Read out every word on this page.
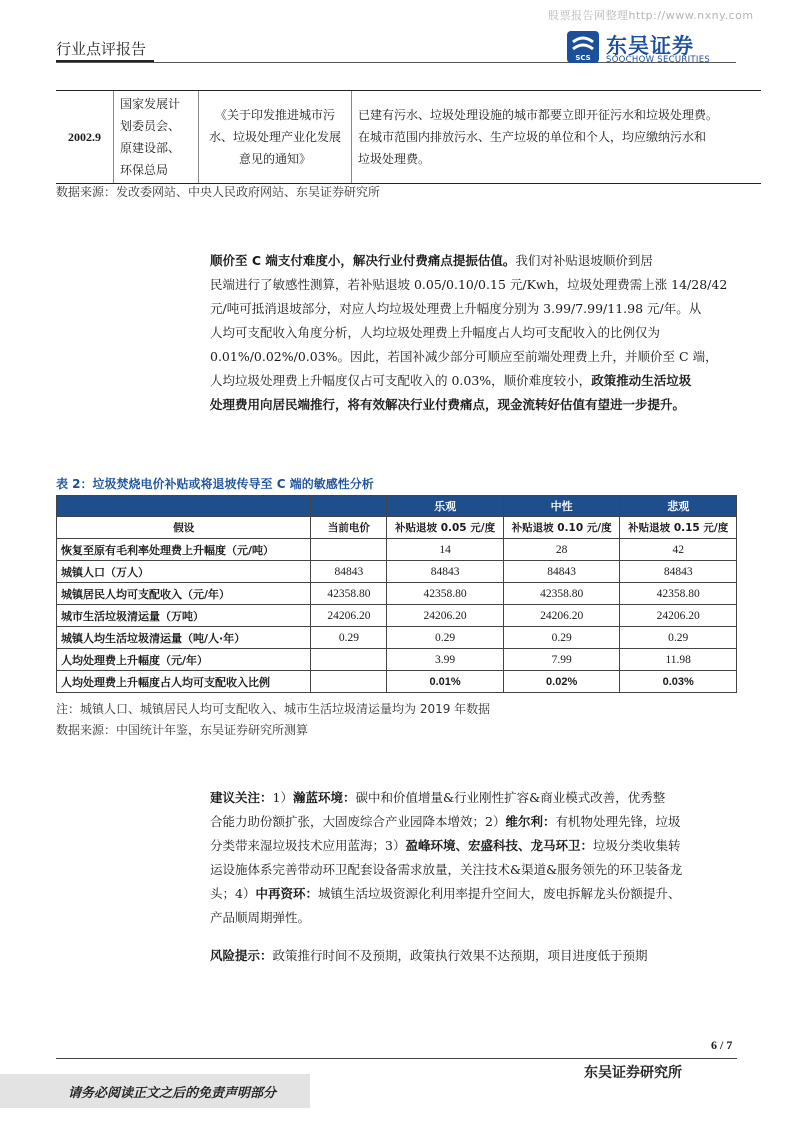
股票报告网整理http://www.nxny.com
行业点评报告	SCS 东吴证券
SOOCHOW SECURITIES
2002.9	
国家发展计
划委员会、
原建设部、
环保总局

《关于印发推进城市污
水、垃圾处理产业化发展
意见的通知》

已建有污水、垃圾处理设施的城市都要立即开征污水和垃圾处理费。
在城市范围内排放污水、生产垃圾的单位和个人，均应缴纳污水和
垃圾处理费。
数据来源：发改委网站、中央人民政府网站、东吴证券研究所
顺价至 C 端支付难度小，解决行业付费痛点提振估值。我们对补贴退坡顺价到居
民端进行了敏感性测算，若补贴退坡 0.05/0.10/0.15 元/Kwh，垃圾处理费需上涨 14/28/42
元/吨可抵消退坡部分，对应人均垃圾处理费上升幅度分别为 3.99/7.99/11.98 元/年。从
人均可支配收入角度分析，人均垃圾处理费上升幅度占人均可支配收入的比例仅为
0.01%/0.02%/0.03%。因此，若国补减少部分可顺应至前端处理费上升，并顺价至 C 端，
人均垃圾处理费上升幅度仅占可支配收入的 0.03%，顺价难度较小，政策推动生活垃圾
处理费用向居民端推行，将有效解决行业付费痛点，现金流转好估值有望进一步提升。
表 2：垃圾焚烧电价补贴或将退坡传导至 C 端的敏感性分析
		乐观	中性	悲观
假设	当前电价	补贴退坡 0.05 元/度	补贴退坡 0.10 元/度	补贴退坡 0.15 元/度
恢复至原有毛利率处理费上升幅度（元/吨）		14	28	42
城镇人口（万人）	84843	84843	84843	84843
城镇居民人均可支配收入（元/年）	42358.80	42358.80	42358.80	42358.80
城市生活垃圾清运量（万吨）	24206.20	24206.20	24206.20	24206.20
城镇人均生活垃圾清运量（吨/人·年）	0.29	0.29	0.29	0.29
人均处理费上升幅度（元/年）		3.99	7.99	11.98
人均处理费上升幅度占人均可支配收入比例		0.01%	0.02%	0.03%
注：城镇人口、城镇居民人均可支配收入、城市生活垃圾清运量均为 2019 年数据
数据来源：中国统计年鉴，东吴证券研究所测算
建议关注：1）瀚蓝环境：碳中和价值增量&行业刚性扩容&商业模式改善，优秀整
合能力助份额扩张，大固废综合产业园降本增效；2）维尔利：有机物处理先锋，垃圾
分类带来湿垃圾技术应用蓝海；3）盈峰环境、宏盛科技、龙马环卫：垃圾分类收集转
运设施体系完善带动环卫配套设备需求放量，关注技术&渠道&服务领先的环卫装备龙
头；4）中再资环：城镇生活垃圾资源化利用率提升空间大，废电拆解龙头份额提升、
产品顺周期弹性。
风险提示：政策推行时间不及预期，政策执行效果不达预期，项目进度低于预期
6 / 7
东吴证券研究所
请务必阅读正文之后的免责声明部分
